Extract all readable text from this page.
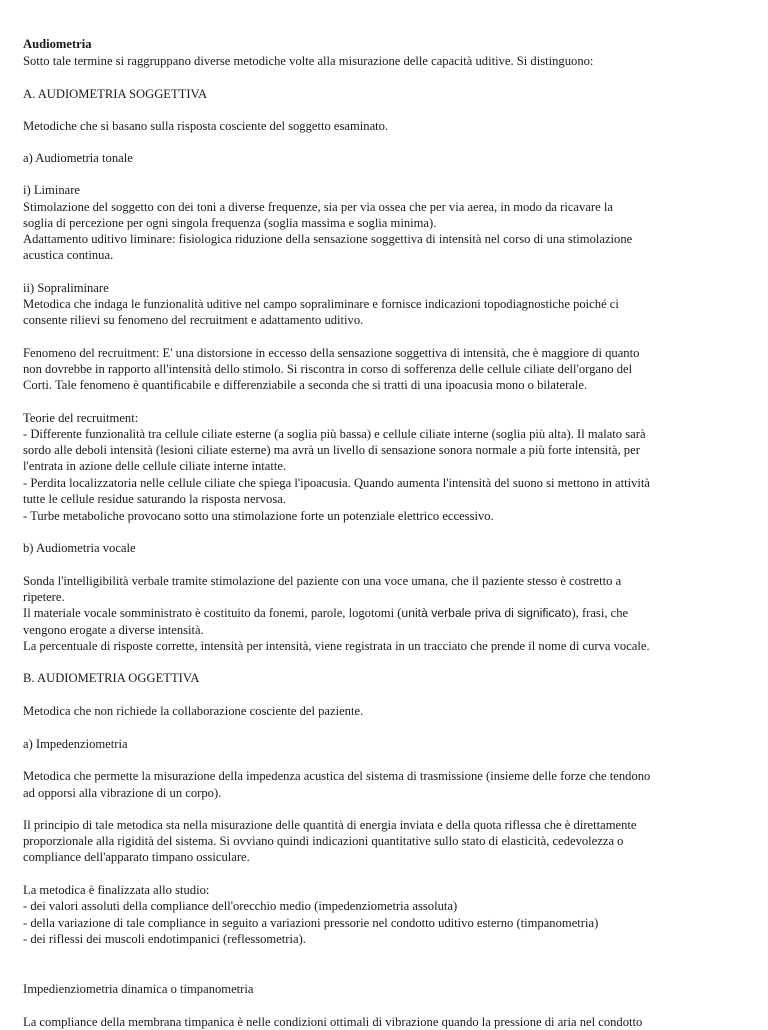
Audiometria
Sotto tale termine si raggruppano diverse metodiche volte alla misurazione delle capacità uditive. Si distinguono:
A. AUDIOMETRIA SOGGETTIVA
Metodiche che si basano sulla risposta cosciente del soggetto esaminato.
a) Audiometria tonale
i) Liminare
Stimolazione del soggetto con dei toni a diverse frequenze, sia per via ossea che per via aerea, in modo da ricavare la
soglia di percezione per ogni singola frequenza (soglia massima e soglia minima).
Adattamento uditivo liminare: fisiologica riduzione della sensazione soggettiva di intensità nel corso di una stimolazione
acustica continua.
ii) Sopraliminare
Metodica che indaga le funzionalità uditive nel campo sopraliminare e fornisce indicazioni topodiagnostiche poiché ci
consente rilievi su fenomeno del recruitment e adattamento uditivo.
Fenomeno del recruitment: E' una distorsione in eccesso della sensazione soggettiva di intensità, che è maggiore di quanto
non dovrebbe in rapporto all'intensità dello stimolo. Si riscontra in corso di sofferenza delle cellule ciliate dell'organo del
Corti. Tale fenomeno è quantificabile e differenziabile a seconda che si tratti di una ipoacusia mono o bilaterale.
Teorie del recruitment:
- Differente funzionalità tra cellule ciliate esterne (a soglia più bassa) e cellule ciliate interne (soglia più alta). Il malato sarà
sordo alle deboli intensità (lesioni ciliate esterne) ma avrà un livello di sensazione sonora normale a più forte intensità, per
l'entrata in azione delle cellule ciliate interne intatte.
- Perdita localizzatoria nelle cellule ciliate che spiega l'ipoacusia. Quando aumenta l'intensità del suono si mettono in attività
tutte le cellule residue saturando la risposta nervosa.
- Turbe metaboliche provocano sotto una stimolazione forte un potenziale elettrico eccessivo.
b) Audiometria vocale
Sonda l'intelligibilità verbale tramite stimolazione del paziente con una voce umana, che il paziente stesso è costretto a
ripetere.
Il materiale vocale somministrato è costituito da fonemi, parole, logotomi (unità verbale priva di significato), frasi, che
vengono erogate a diverse intensità.
La percentuale di risposte corrette, intensità per intensità, viene registrata in un tracciato che prende il nome di curva vocale.
B. AUDIOMETRIA OGGETTIVA
Metodica che non richiede la collaborazione cosciente del paziente.
a) Impedenziometria
Metodica che permette la misurazione della impedenza acustica del sistema di trasmissione (insieme delle forze che tendono
ad opporsi alla vibrazione di un corpo).
Il principio di tale metodica sta nella misurazione delle quantità di energia inviata e della quota riflessa che è direttamente
proporzionale alla rigidità del sistema. Si ovviano quindi indicazioni quantitative sullo stato di elasticità, cedevolezza o
compliance dell'apparato timpano ossiculare.
La metodica è finalizzata allo studio:
- dei valori assoluti della compliance dell'orecchio medio (impedenziometria assoluta)
- della variazione di tale compliance in seguito a variazioni pressorie nel condotto uditivo esterno (timpanometria)
- dei riflessi dei muscoli endotimpanici (reflessometria).
Impedienziometria dinamica o timpanometria
La compliance della membrana timpanica è nelle condizioni ottimali di vibrazione quando la pressione di aria nel condotto
